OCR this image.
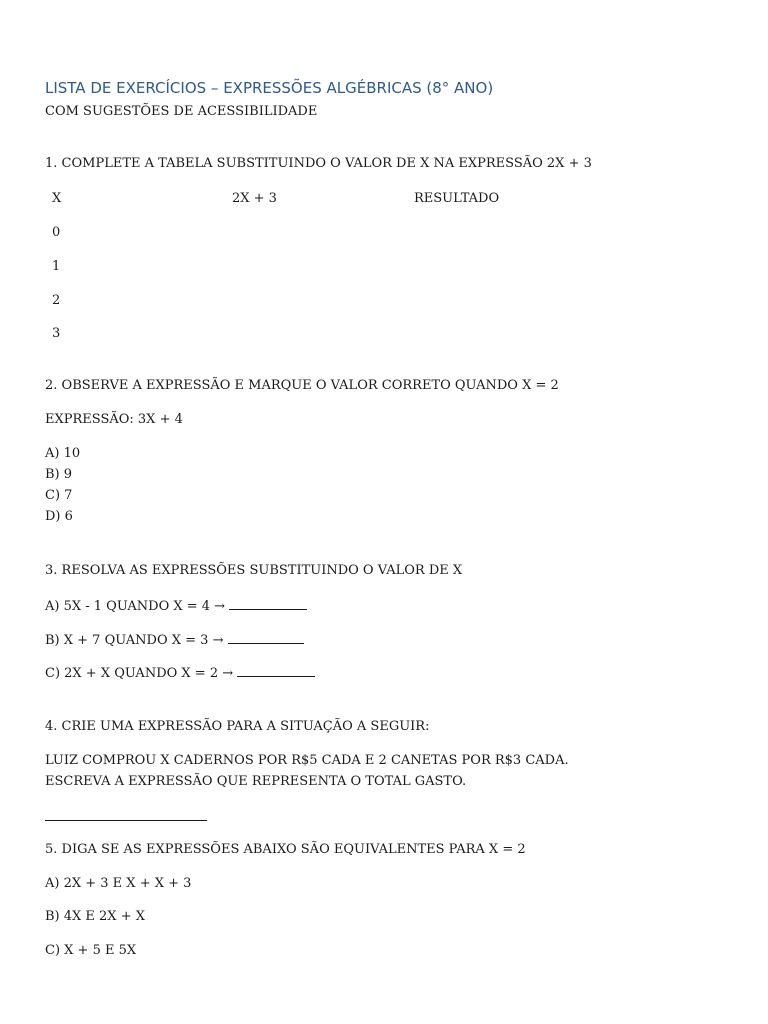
LISTA DE EXERCÍCIOS – EXPRESSÕES ALGÉBRICAS (8° ANO)
COM SUGESTÕES DE ACESSIBILIDADE
1. COMPLETE A TABELA SUBSTITUINDO O VALOR DE X NA EXPRESSÃO 2X + 3
X	2X + 3	RESULTADO
0
1
2
3
2. OBSERVE A EXPRESSÃO E MARQUE O VALOR CORRETO QUANDO X = 2
EXPRESSÃO: 3X + 4
A) 10
B) 9
C) 7
D) 6
3. RESOLVA AS EXPRESSÕES SUBSTITUINDO O VALOR DE X
A) 5X - 1 QUANDO X = 4 →
B) X + 7 QUANDO X = 3 →
C) 2X + X QUANDO X = 2 →
4. CRIE UMA EXPRESSÃO PARA A SITUAÇÃO A SEGUIR:
LUIZ COMPROU X CADERNOS POR R$5 CADA E 2 CANETAS POR R$3 CADA.
ESCREVA A EXPRESSÃO QUE REPRESENTA O TOTAL GASTO.
5. DIGA SE AS EXPRESSÕES ABAIXO SÃO EQUIVALENTES PARA X = 2
A) 2X + 3 E X + X + 3
B) 4X E 2X + X
C) X + 5 E 5X
